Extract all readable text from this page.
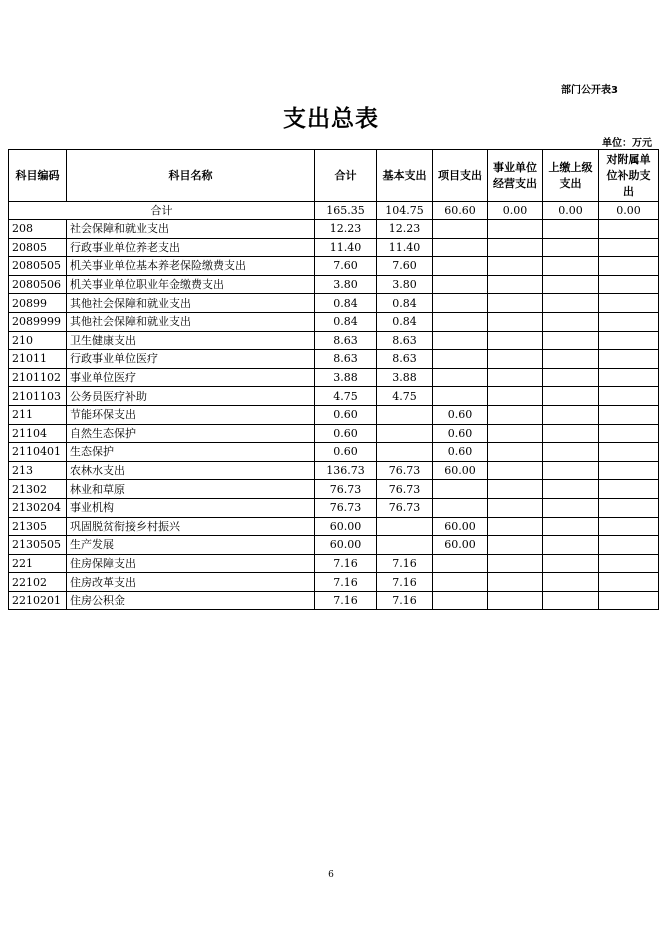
部门公开表3
支出总表
单位：万元
科目编码	科目名称	合计	基本支出	项目支出	事业单位经营支出	上缴上级支出	对附属单位补助支出
合计		165.35	104.75	60.60	0.00	0.00	0.00
208	社会保障和就业支出	12.23	12.23				
20805	行政事业单位养老支出	11.40	11.40				
2080505	机关事业单位基本养老保险缴费支出	7.60	7.60				
2080506	机关事业单位职业年金缴费支出	3.80	3.80				
20899	其他社会保障和就业支出	0.84	0.84				
2089999	其他社会保障和就业支出	0.84	0.84				
210	卫生健康支出	8.63	8.63				
21011	行政事业单位医疗	8.63	8.63				
2101102	事业单位医疗	3.88	3.88				
2101103	公务员医疗补助	4.75	4.75				
211	节能环保支出	0.60		0.60			
21104	自然生态保护	0.60		0.60			
2110401	生态保护	0.60		0.60			
213	农林水支出	136.73	76.73	60.00			
21302	林业和草原	76.73	76.73				
2130204	事业机构	76.73	76.73				
21305	巩固脱贫衔接乡村振兴	60.00		60.00			
2130505	生产发展	60.00		60.00			
221	住房保障支出	7.16	7.16				
22102	住房改革支出	7.16	7.16				
2210201	住房公积金	7.16	7.16				
6
